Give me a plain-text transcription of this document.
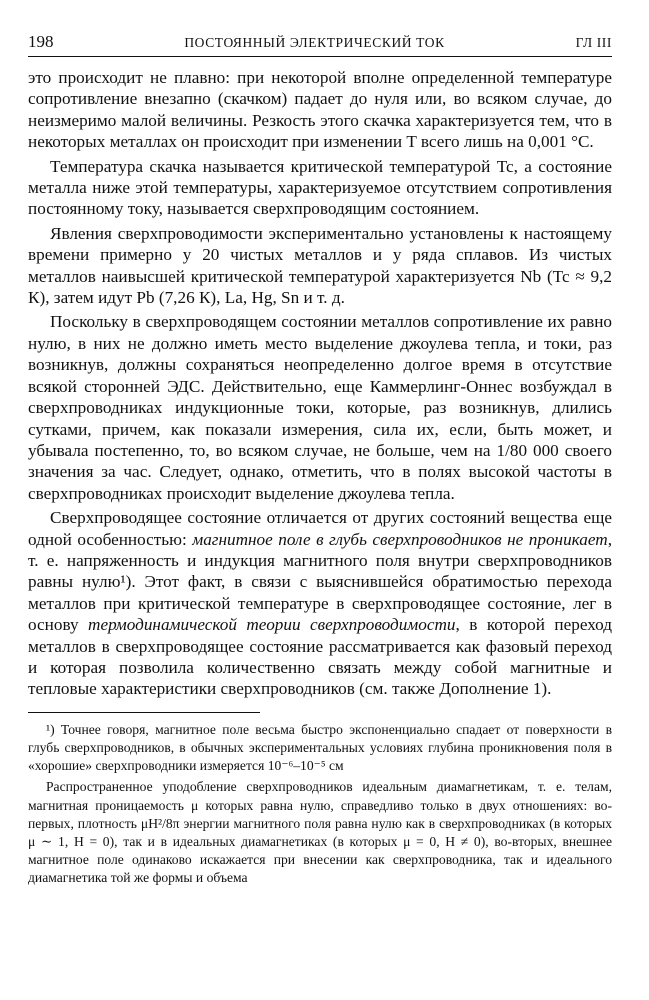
198	ПОСТОЯННЫЙ ЭЛЕКТРИЧЕСКИЙ ТОК	ГЛ III

это происходит не плавно: при некоторой вполне определенной температуре сопротивление внезапно (скачком) падает до нуля или, во всяком случае, до неизмеримо малой величины. Резкость этого скачка характеризуется тем, что в некоторых металлах он происходит при изменении T всего лишь на 0,001 °С.

Температура скачка называется критической температурой Tc, а состояние металла ниже этой температуры, характеризуемое отсутствием сопротивления постоянному току, называется сверхпроводящим состоянием.

Явления сверхпроводимости экспериментально установлены к настоящему времени примерно у 20 чистых металлов и у ряда сплавов. Из чистых металлов наивысшей критической температурой характеризуется Nb (Tc ≈ 9,2 К), затем идут Pb (7,26 К), La, Hg, Sn и т. д.

Поскольку в сверхпроводящем состоянии металлов сопротивление их равно нулю, в них не должно иметь место выделение джоулева тепла, и токи, раз возникнув, должны сохраняться неопределенно долгое время в отсутствие всякой сторонней ЭДС. Действительно, еще Каммерлинг-Оннес возбуждал в сверхпроводниках индукционные токи, которые, раз возникнув, длились сутками, причем, как показали измерения, сила их, если, быть может, и убывала постепенно, то, во всяком случае, не больше, чем на 1/80 000 своего значения за час. Следует, однако, отметить, что в полях высокой частоты в сверхпроводниках происходит выделение джоулева тепла.

Сверхпроводящее состояние отличается от других состояний вещества еще одной особенностью: магнитное поле в глубь сверхпроводников не проникает, т. е. напряженность и индукция магнитного поля внутри сверхпроводников равны нулю¹). Этот факт, в связи с выяснившейся обратимостью перехода металлов при критической температуре в сверхпроводящее состояние, лег в основу термодинамической теории сверхпроводимости, в которой переход металлов в сверхпроводящее состояние рассматривается как фазовый переход и которая позволила количественно связать между собой магнитные и тепловые характеристики сверхпроводников (см. также Дополнение 1).

¹) Точнее говоря, магнитное поле весьма быстро экспоненциально спадает от поверхности в глубь сверхпроводников, в обычных экспериментальных условиях глубина проникновения поля в «хорошие» сверхпроводники измеряется 10⁻⁶–10⁻⁵ см

Распространенное уподобление сверхпроводников идеальным диамагнетикам, т. е. телам, магнитная проницаемость μ которых равна нулю, справедливо только в двух отношениях: во-первых, плотность μH²/8π энергии магнитного поля равна нулю как в сверхпроводниках (в которых μ ∼ 1, H = 0), так и в идеальных диамагнетиках (в которых μ = 0, H ≠ 0), во-вторых, внешнее магнитное поле одинаково искажается при внесении как сверхпроводника, так и идеального диамагнетика той же формы и объема
